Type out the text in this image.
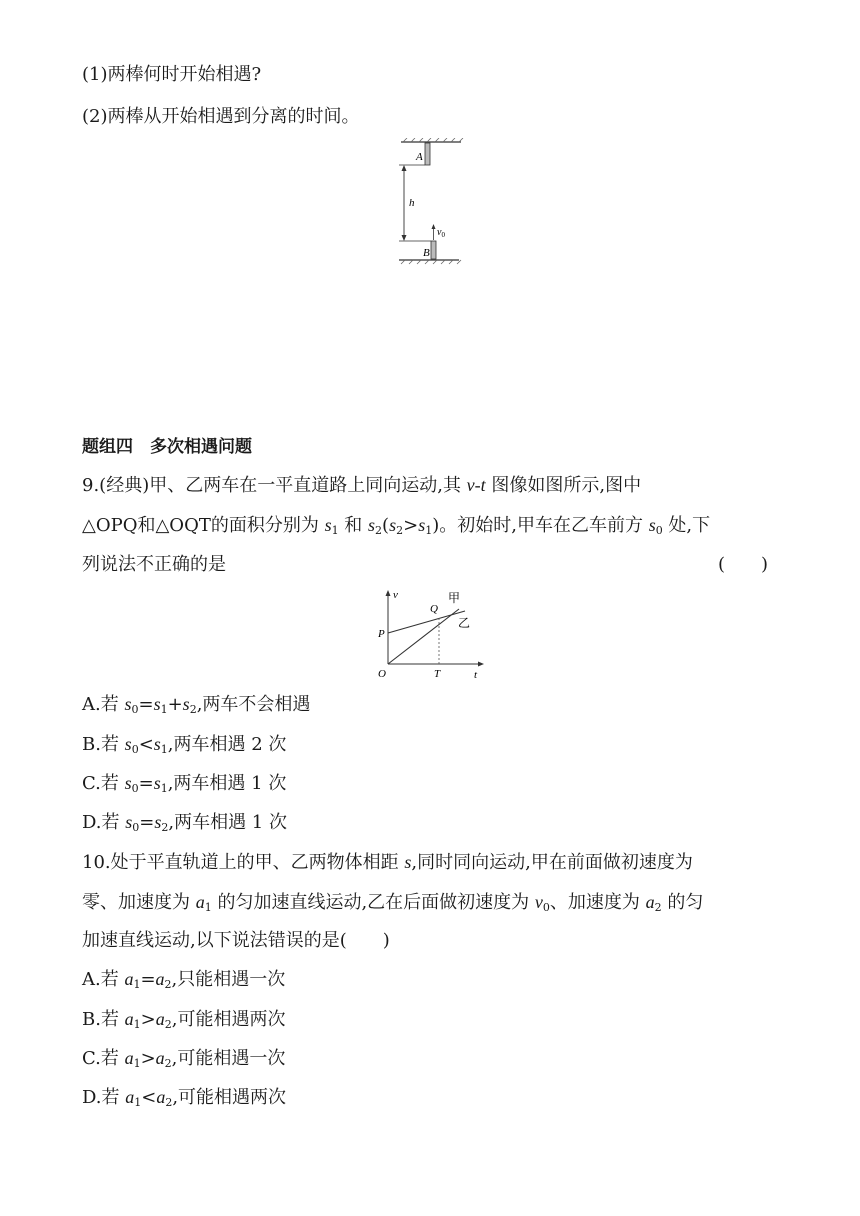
(1)两棒何时开始相遇?
(2)两棒从开始相遇到分离的时间。
A
h
$v_0$
B
题组四　多次相遇问题
9.(经典)甲、乙两车在一平直道路上同向运动,其 v-t 图像如图所示,图中
△OPQ和△OQT的面积分别为 $s_1$ 和 $s_2(s_2>s_1)$。初始时,甲车在乙车前方 $s_0$ 处,下
列说法不正确的是	(　　)
v
t
O
P
Q
T
甲
乙
A.若 $s_0=s_1+s_2$,两车不会相遇
B.若 $s_0<s_1$,两车相遇 2 次
C.若 $s_0=s_1$,两车相遇 1 次
D.若 $s_0=s_2$,两车相遇 1 次
10.处于平直轨道上的甲、乙两物体相距 s,同时同向运动,甲在前面做初速度为
零、加速度为 $a_1$ 的匀加速直线运动,乙在后面做初速度为 $v_0$、加速度为 $a_2$ 的匀
加速直线运动,以下说法错误的是(　　)
A.若 $a_1=a_2$,只能相遇一次
B.若 $a_1>a_2$,可能相遇两次
C.若 $a_1>a_2$,可能相遇一次
D.若 $a_1<a_2$,可能相遇两次
